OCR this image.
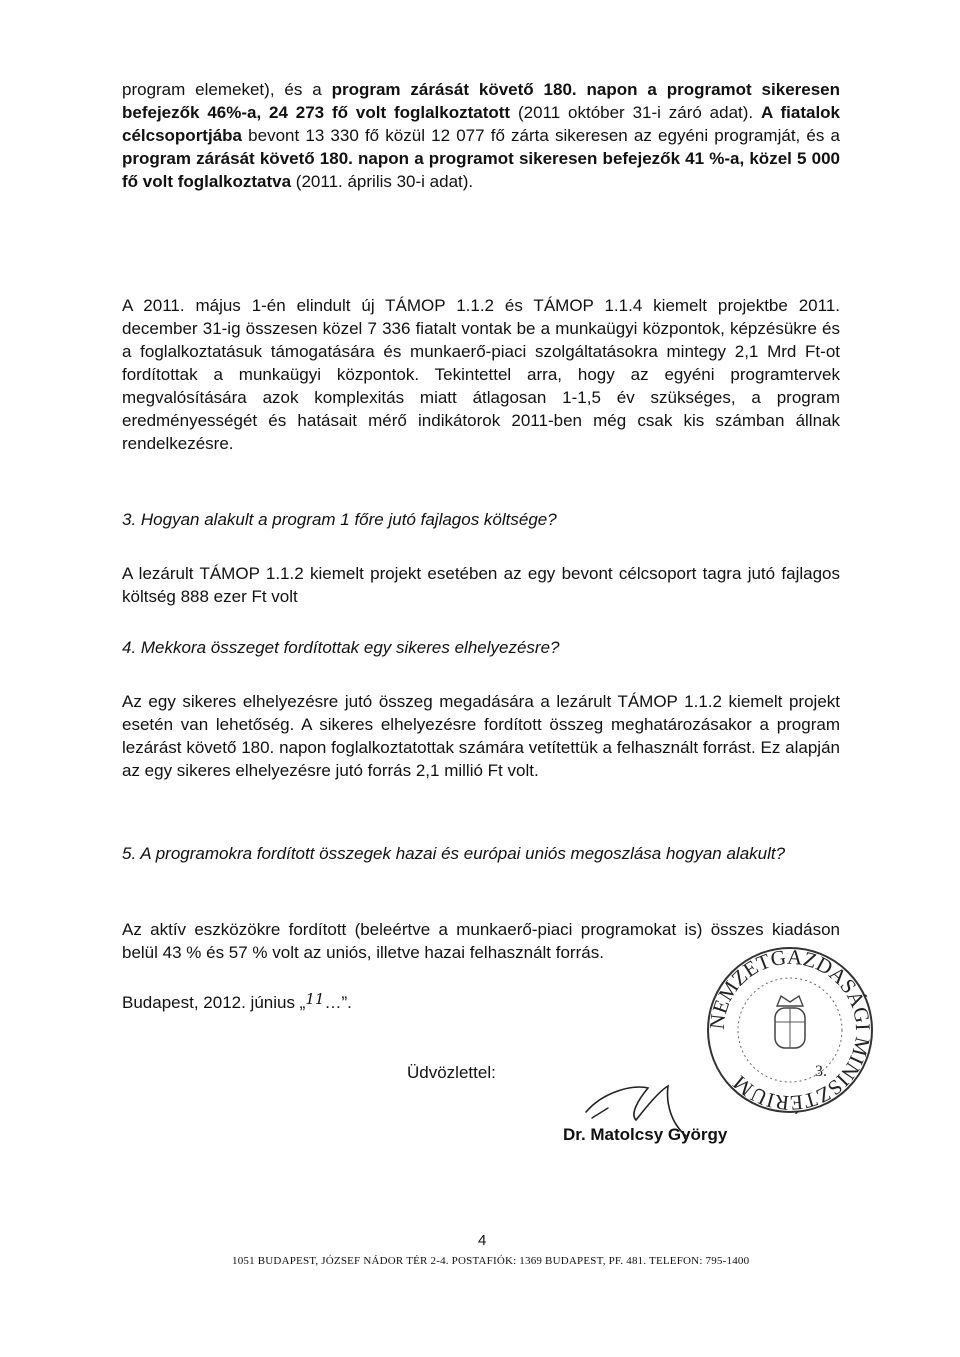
program elemeket), és a program zárását követő 180. napon a programot sikeresen befejezők 46%-a, 24 273 fő volt foglalkoztatott (2011 október 31-i záró adat). A fiatalok célcsoportjába bevont 13 330 fő közül 12 077 fő zárta sikeresen az egyéni programját, és a program zárását követő 180. napon a programot sikeresen befejezők 41 %-a, közel 5 000 fő volt foglalkoztatva (2011. április 30-i adat).

A 2011. május 1-én elindult új TÁMOP 1.1.2 és TÁMOP 1.1.4 kiemelt projektbe 2011. december 31-ig összesen közel 7 336 fiatalt vontak be a munkaügyi központok, képzésükre és a foglalkoztatásuk támogatására és munkaerő-piaci szolgáltatásokra mintegy 2,1 Mrd Ft-ot fordítottak a munkaügyi központok. Tekintettel arra, hogy az egyéni programtervek megvalósítására azok komplexitás miatt átlagosan 1-1,5 év szükséges, a program eredményességét és hatásait mérő indikátorok 2011-ben még csak kis számban állnak rendelkezésre.

3. Hogyan alakult a program 1 főre jutó fajlagos költsége?

A lezárult TÁMOP 1.1.2 kiemelt projekt esetében az egy bevont célcsoport tagra jutó fajlagos költség 888 ezer Ft volt

4. Mekkora összeget fordítottak egy sikeres elhelyezésre?

Az egy sikeres elhelyezésre jutó összeg megadására a lezárult TÁMOP 1.1.2 kiemelt projekt esetén van lehetőség. A sikeres elhelyezésre fordított összeg meghatározásakor a program lezárást követő 180. napon foglalkoztatottak számára vetítettük a felhasznált forrást. Ez alapján az egy sikeres elhelyezésre jutó forrás 2,1 millió Ft volt.

5. A programokra fordított összegek hazai és európai uniós megoszlása hogyan alakult?

Az aktív eszközökre fordított (beleértve a munkaerő-piaci programokat is) összes kiadáson belül 43 % és 57 % volt az uniós, illetve hazai felhasznált forrás.

Budapest, 2012. június „11…”.
Üdvözlettel:
Dr. Matolcsy György
NEMZETGAZDASÁGI MINISZTÉRIUM	3.
4
1051 BUDAPEST, JÓZSEF NÁDOR TÉR 2-4. POSTAFIÓK: 1369 BUDAPEST, PF. 481. TELEFON: 795-1400
